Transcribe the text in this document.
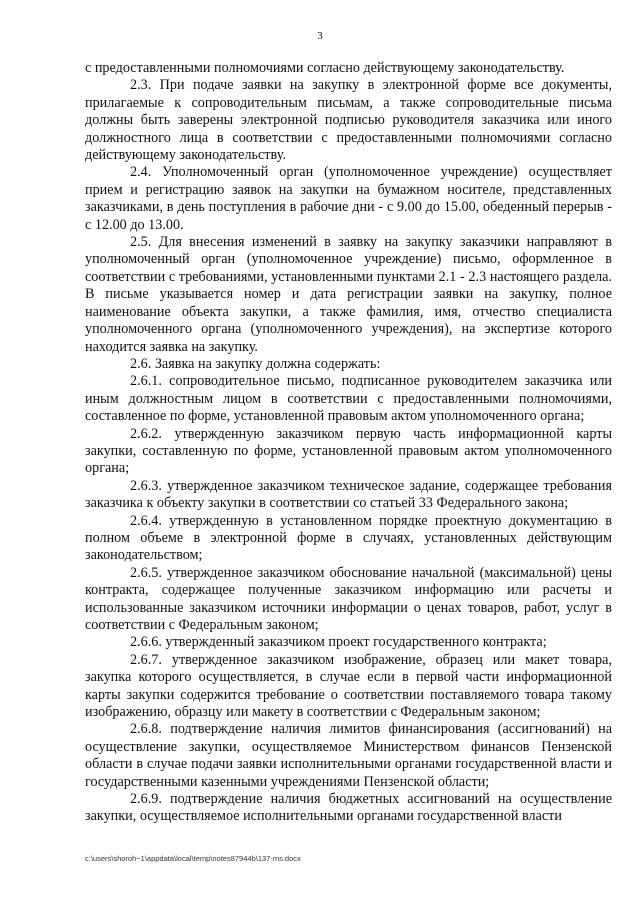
3

с предоставленными полномочиями согласно действующему законодательству.

2.3. При подаче заявки на закупку в электронной форме все документы, прилагаемые к сопроводительным письмам, а также сопроводительные письма должны быть заверены электронной подписью руководителя заказчика или иного должностного лица в соответствии с предоставленными полномочиями согласно действующему законодательству.

2.4. Уполномоченный орган (уполномоченное учреждение) осуществляет прием и регистрацию заявок на закупки на бумажном носителе, представленных заказчиками, в день поступления в рабочие дни - с 9.00 до 15.00, обеденный перерыв - с 12.00 до 13.00.

2.5. Для внесения изменений в заявку на закупку заказчики направляют в уполномоченный орган (уполномоченное учреждение) письмо, оформленное в соответствии с требованиями, установленными пунктами 2.1 - 2.3 настоящего раздела. В письме указывается номер и дата регистрации заявки на закупку, полное наименование объекта закупки, а также фамилия, имя, отчество специалиста уполномоченного органа (уполномоченного учреждения), на экспертизе которого находится заявка на закупку.

2.6. Заявка на закупку должна содержать:

2.6.1. сопроводительное письмо, подписанное руководителем заказчика или иным должностным лицом в соответствии с предоставленными полномочиями, составленное по форме, установленной правовым актом уполномоченного органа;

2.6.2. утвержденную заказчиком первую часть информационной карты закупки, составленную по форме, установленной правовым актом уполномоченного органа;

2.6.3. утвержденное заказчиком техническое задание, содержащее требования заказчика к объекту закупки в соответствии со статьей 33 Федерального закона;

2.6.4. утвержденную в установленном порядке проектную документацию в полном объеме в электронной форме в случаях, установленных действующим законодательством;

2.6.5. утвержденное заказчиком обоснование начальной (максимальной) цены контракта, содержащее полученные заказчиком информацию или расчеты и использованные заказчиком источники информации о ценах товаров, работ, услуг в соответствии с Федеральным законом;

2.6.6. утвержденный заказчиком проект государственного контракта;

2.6.7. утвержденное заказчиком изображение, образец или макет товара, закупка которого осуществляется, в случае если в первой части информационной карты закупки содержится требование о соответствии поставляемого товара такому изображению, образцу или макету в соответствии с Федеральным законом;

2.6.8. подтверждение наличия лимитов финансирования (ассигнований) на осуществление закупки, осуществляемое Министерством финансов Пензенской области в случае подачи заявки исполнительными органами государственной власти и государственными казенными учреждениями Пензенской области;

2.6.9. подтверждение наличия бюджетных ассигнований на осуществление закупки, осуществляемое исполнительными органами государственной власти

c:\users\shoroh~1\appdata\local\temp\notes87944b\137-ms.docx
